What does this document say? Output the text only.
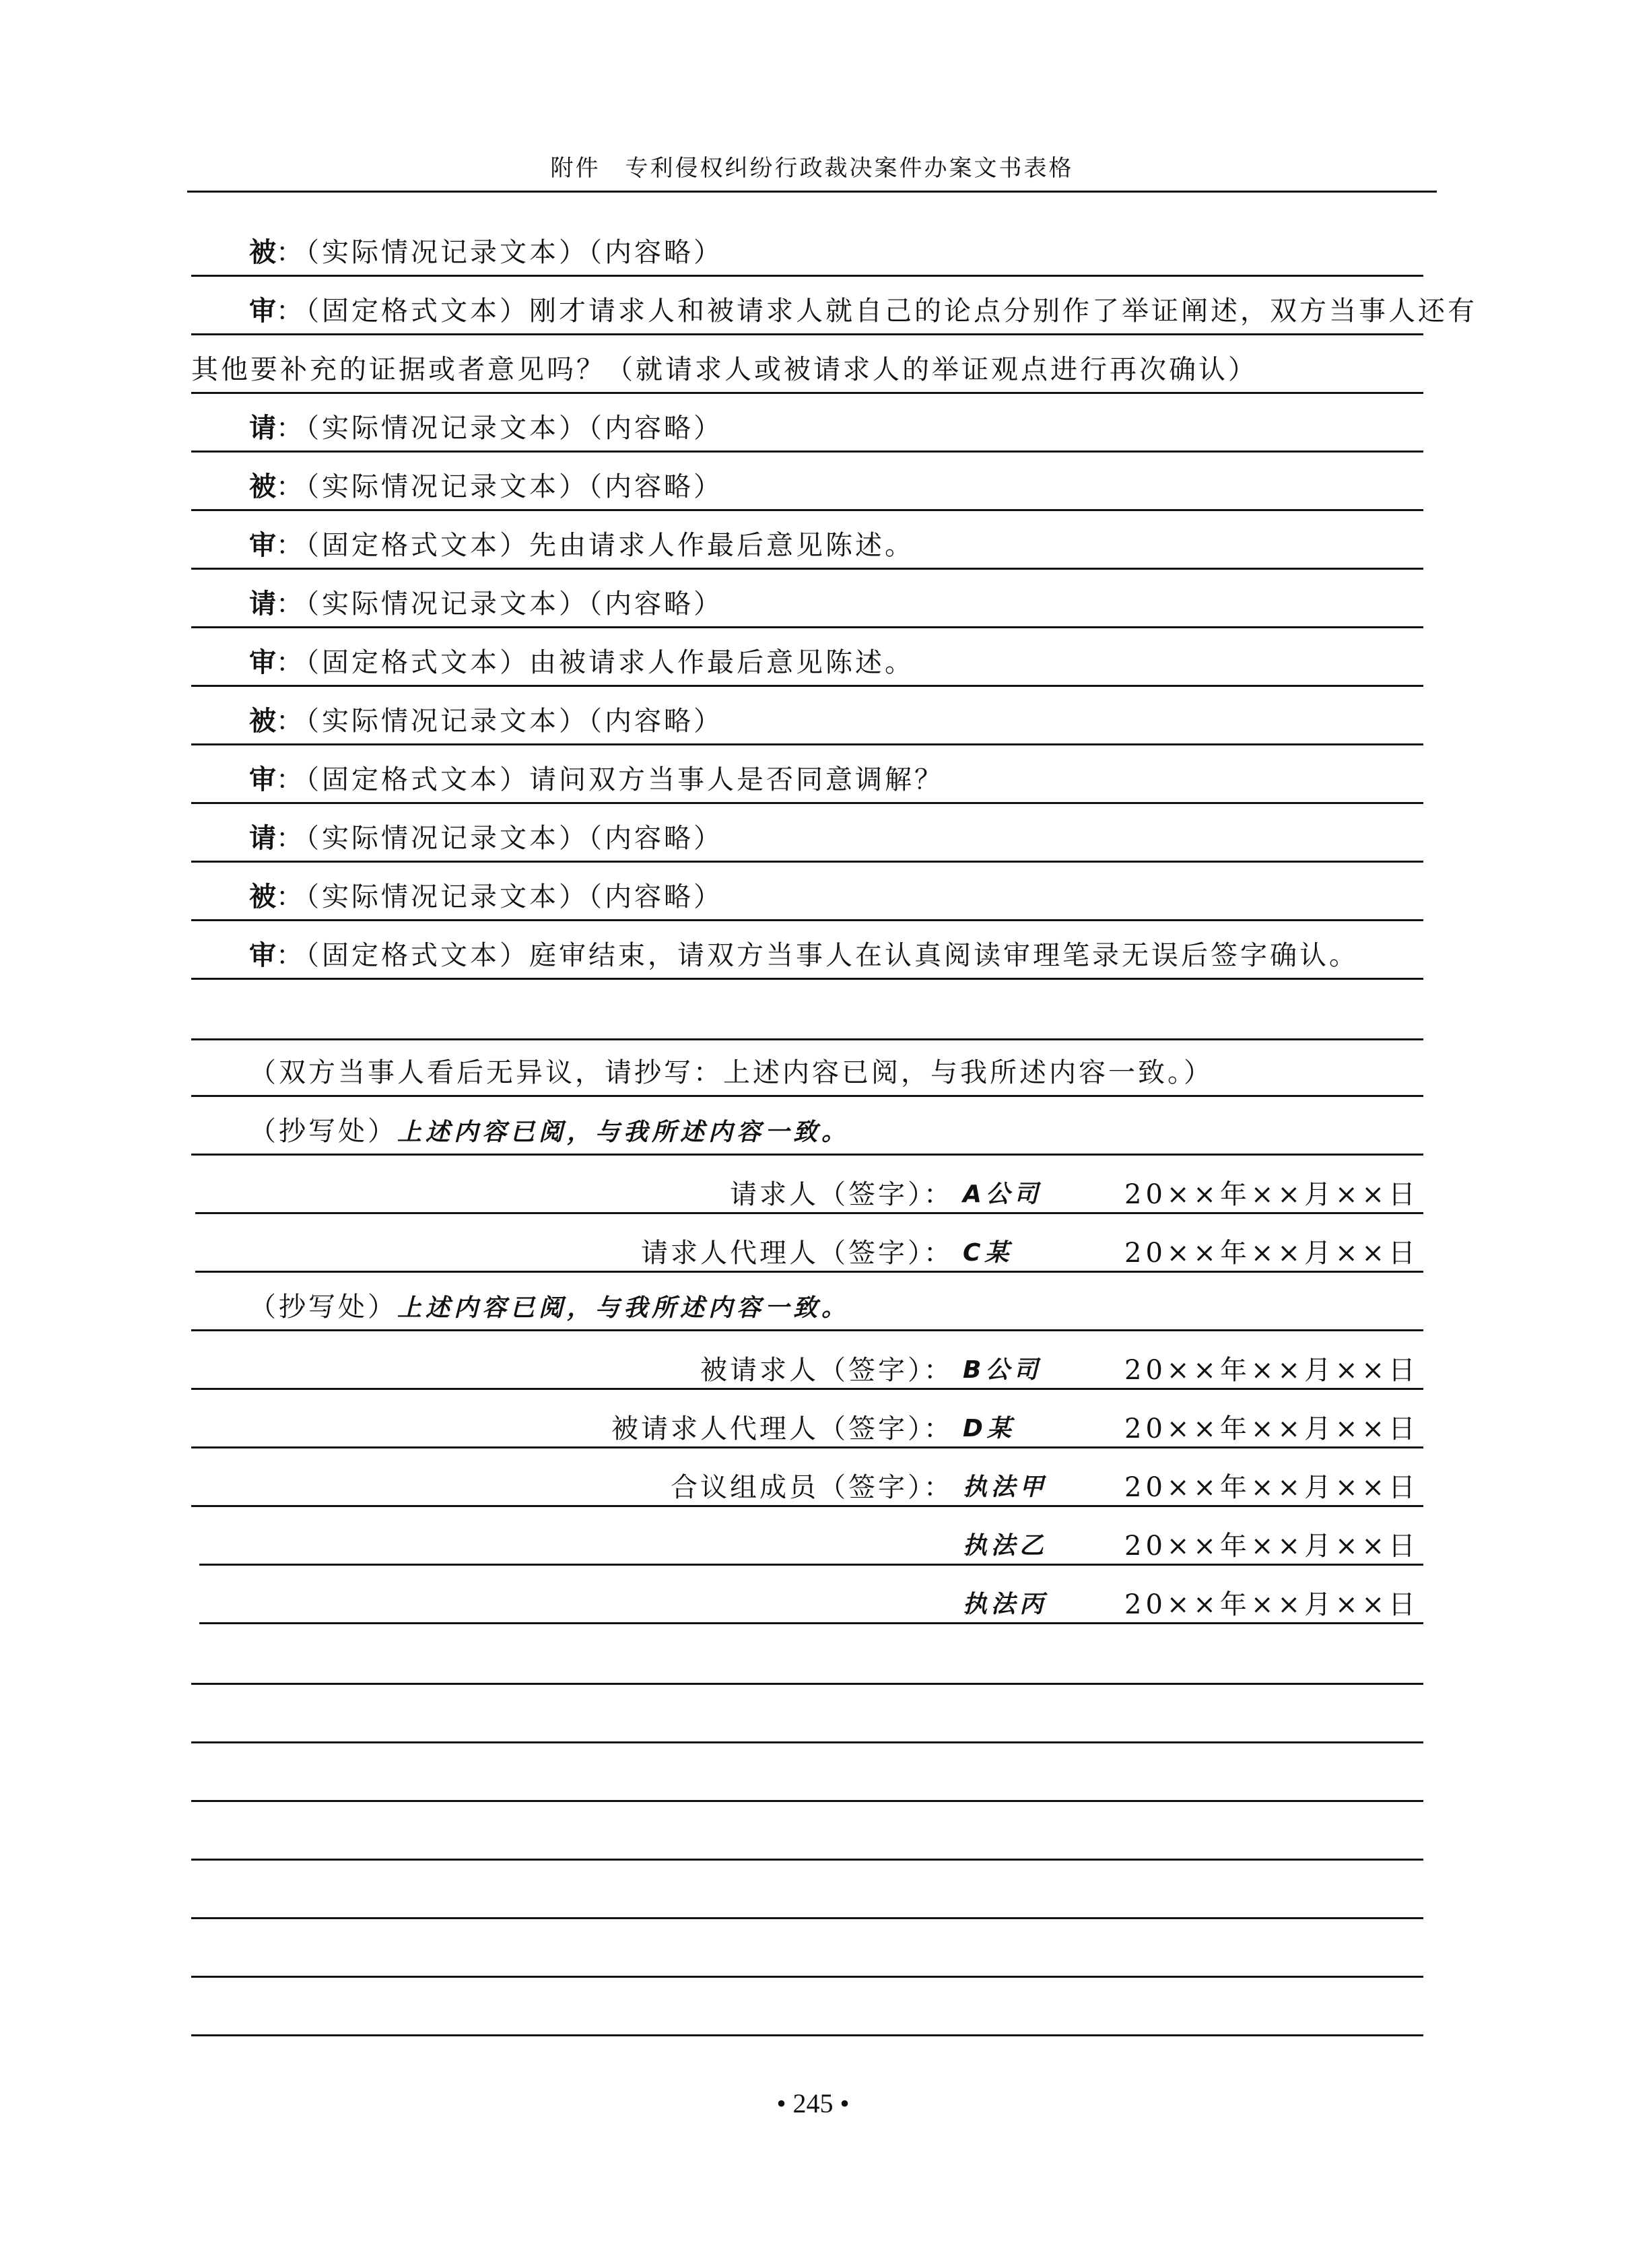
附件　专利侵权纠纷行政裁决案件办案文书表格
被：（实际情况记录文本）（内容略）
审：（固定格式文本）刚才请求人和被请求人就自己的论点分别作了举证阐述，双方当事人还有
其他要补充的证据或者意见吗？（就请求人或被请求人的举证观点进行再次确认）
请：（实际情况记录文本）（内容略）
被：（实际情况记录文本）（内容略）
审：（固定格式文本）先由请求人作最后意见陈述。
请：（实际情况记录文本）（内容略）
审：（固定格式文本）由被请求人作最后意见陈述。
被：（实际情况记录文本）（内容略）
审：（固定格式文本）请问双方当事人是否同意调解？
请：（实际情况记录文本）（内容略）
被：（实际情况记录文本）（内容略）
审：（固定格式文本）庭审结束，请双方当事人在认真阅读审理笔录无误后签字确认。
（双方当事人看后无异议，请抄写：上述内容已阅，与我所述内容一致。）
（抄写处）上述内容已阅，与我所述内容一致。
请求人（签字）： A公司	20××年××月××日
请求人代理人（签字）： C某	20××年××月××日
（抄写处）上述内容已阅，与我所述内容一致。
被请求人（签字）： B公司	20××年××月××日
被请求人代理人（签字）： D某	20××年××月××日
合议组成员（签字）： 执法甲	20××年××月××日
执法乙	20××年××月××日
执法丙	20××年××月××日
• 245 •
